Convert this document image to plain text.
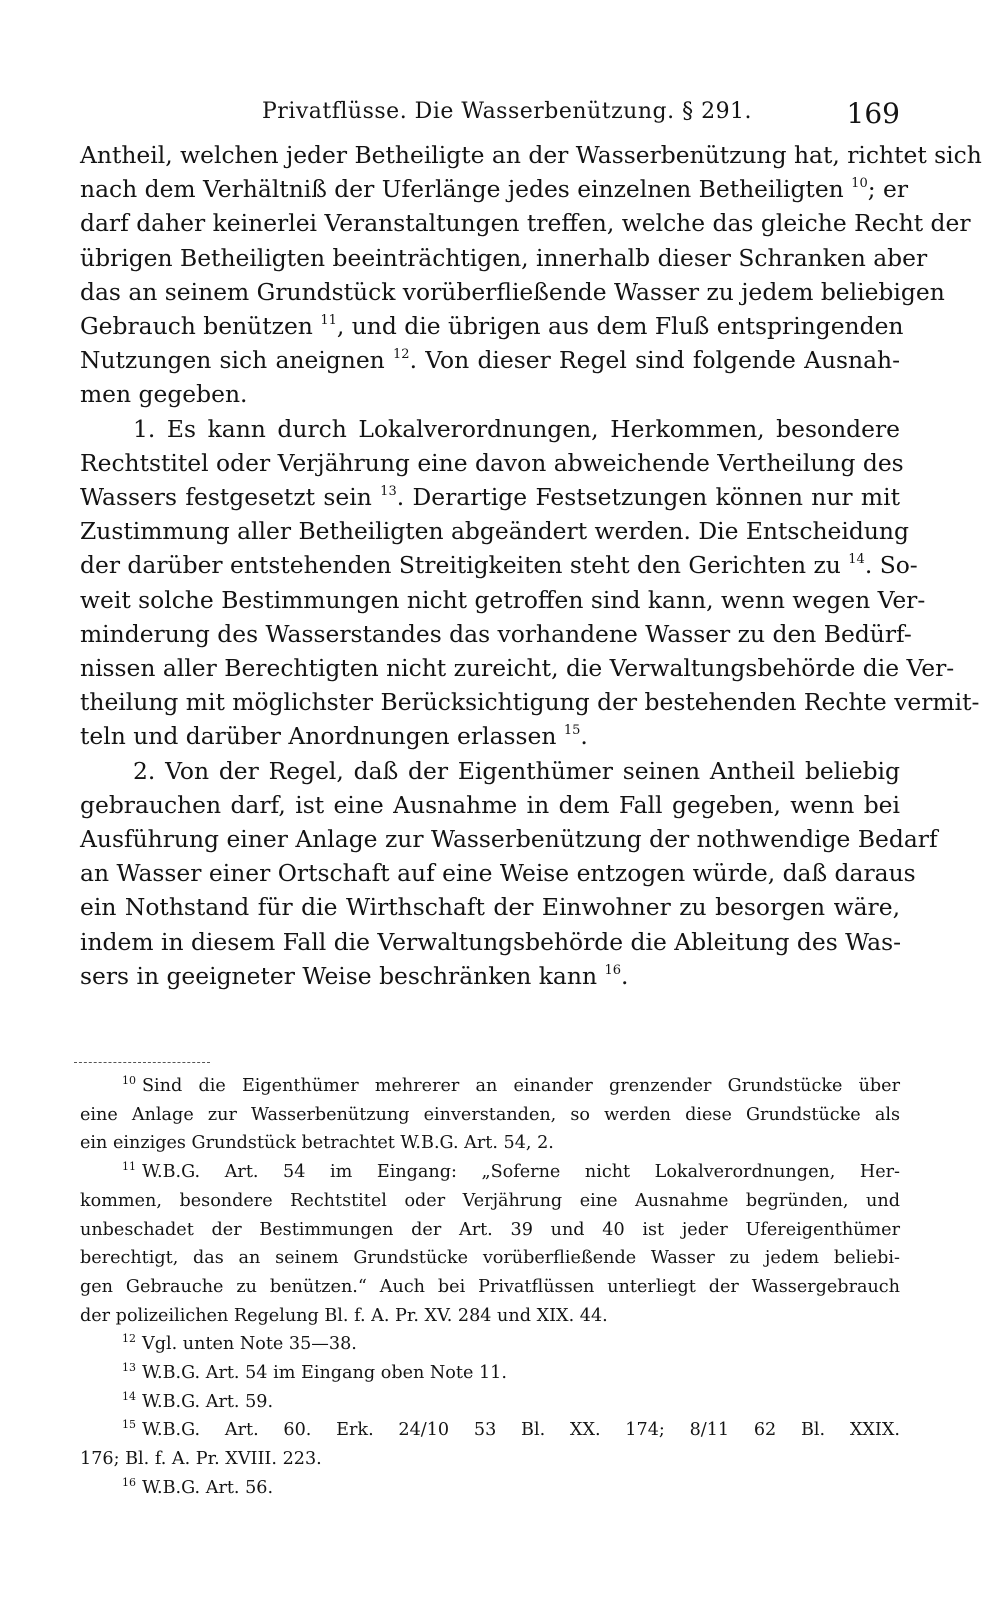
Privatflüsse. Die Wasserbenützung. § 291.	169
Antheil, welchen jeder Betheiligte an der Wasserbenützung hat, richtet sich
nach dem Verhältniß der Uferlänge jedes einzelnen Betheiligten $^{10}$; er
darf daher keinerlei Veranstaltungen treffen, welche das gleiche Recht der
übrigen Betheiligten beeinträchtigen, innerhalb dieser Schranken aber
das an seinem Grundstück vorüberfließende Wasser zu jedem beliebigen
Gebrauch benützen $^{11}$, und die übrigen aus dem Fluß entspringenden
Nutzungen sich aneignen $^{12}$. Von dieser Regel sind folgende Ausnah-
men gegeben.
1. Es kann durch Lokalverordnungen, Herkommen, besondere
Rechtstitel oder Verjährung eine davon abweichende Vertheilung des
Wassers festgesetzt sein $^{13}$. Derartige Festsetzungen können nur mit
Zustimmung aller Betheiligten abgeändert werden. Die Entscheidung
der darüber entstehenden Streitigkeiten steht den Gerichten zu $^{14}$. So-
weit solche Bestimmungen nicht getroffen sind kann, wenn wegen Ver-
minderung des Wasserstandes das vorhandene Wasser zu den Bedürf-
nissen aller Berechtigten nicht zureicht, die Verwaltungsbehörde die Ver-
theilung mit möglichster Berücksichtigung der bestehenden Rechte vermit-
teln und darüber Anordnungen erlassen $^{15}$.
2. Von der Regel, daß der Eigenthümer seinen Antheil beliebig
gebrauchen darf, ist eine Ausnahme in dem Fall gegeben, wenn bei
Ausführung einer Anlage zur Wasserbenützung der nothwendige Bedarf
an Wasser einer Ortschaft auf eine Weise entzogen würde, daß daraus
ein Nothstand für die Wirthschaft der Einwohner zu besorgen wäre,
indem in diesem Fall die Verwaltungsbehörde die Ableitung des Was-
sers in geeigneter Weise beschränken kann $^{16}$.
$^{10}$ Sind die Eigenthümer mehrerer an einander grenzender Grundstücke über
eine Anlage zur Wasserbenützung einverstanden, so werden diese Grundstücke als
ein einziges Grundstück betrachtet W.B.G. Art. 54, 2.
$^{11}$ W.B.G. Art. 54 im Eingang: „Soferne nicht Lokalverordnungen, Her-
kommen, besondere Rechtstitel oder Verjährung eine Ausnahme begründen, und
unbeschadet der Bestimmungen der Art. 39 und 40 ist jeder Ufereigenthümer
berechtigt, das an seinem Grundstücke vorüberfließende Wasser zu jedem beliebi-
gen Gebrauche zu benützen.“ Auch bei Privatflüssen unterliegt der Wassergebrauch
der polizeilichen Regelung Bl. f. A. Pr. XV. 284 und XIX. 44.
$^{12}$ Vgl. unten Note 35—38.
$^{13}$ W.B.G. Art. 54 im Eingang oben Note 11.
$^{14}$ W.B.G. Art. 59.
$^{15}$ W.B.G. Art. 60. Erk. 24/10 53 Bl. XX. 174; 8/11 62 Bl. XXIX.
176; Bl. f. A. Pr. XVIII. 223.
$^{16}$ W.B.G. Art. 56.
